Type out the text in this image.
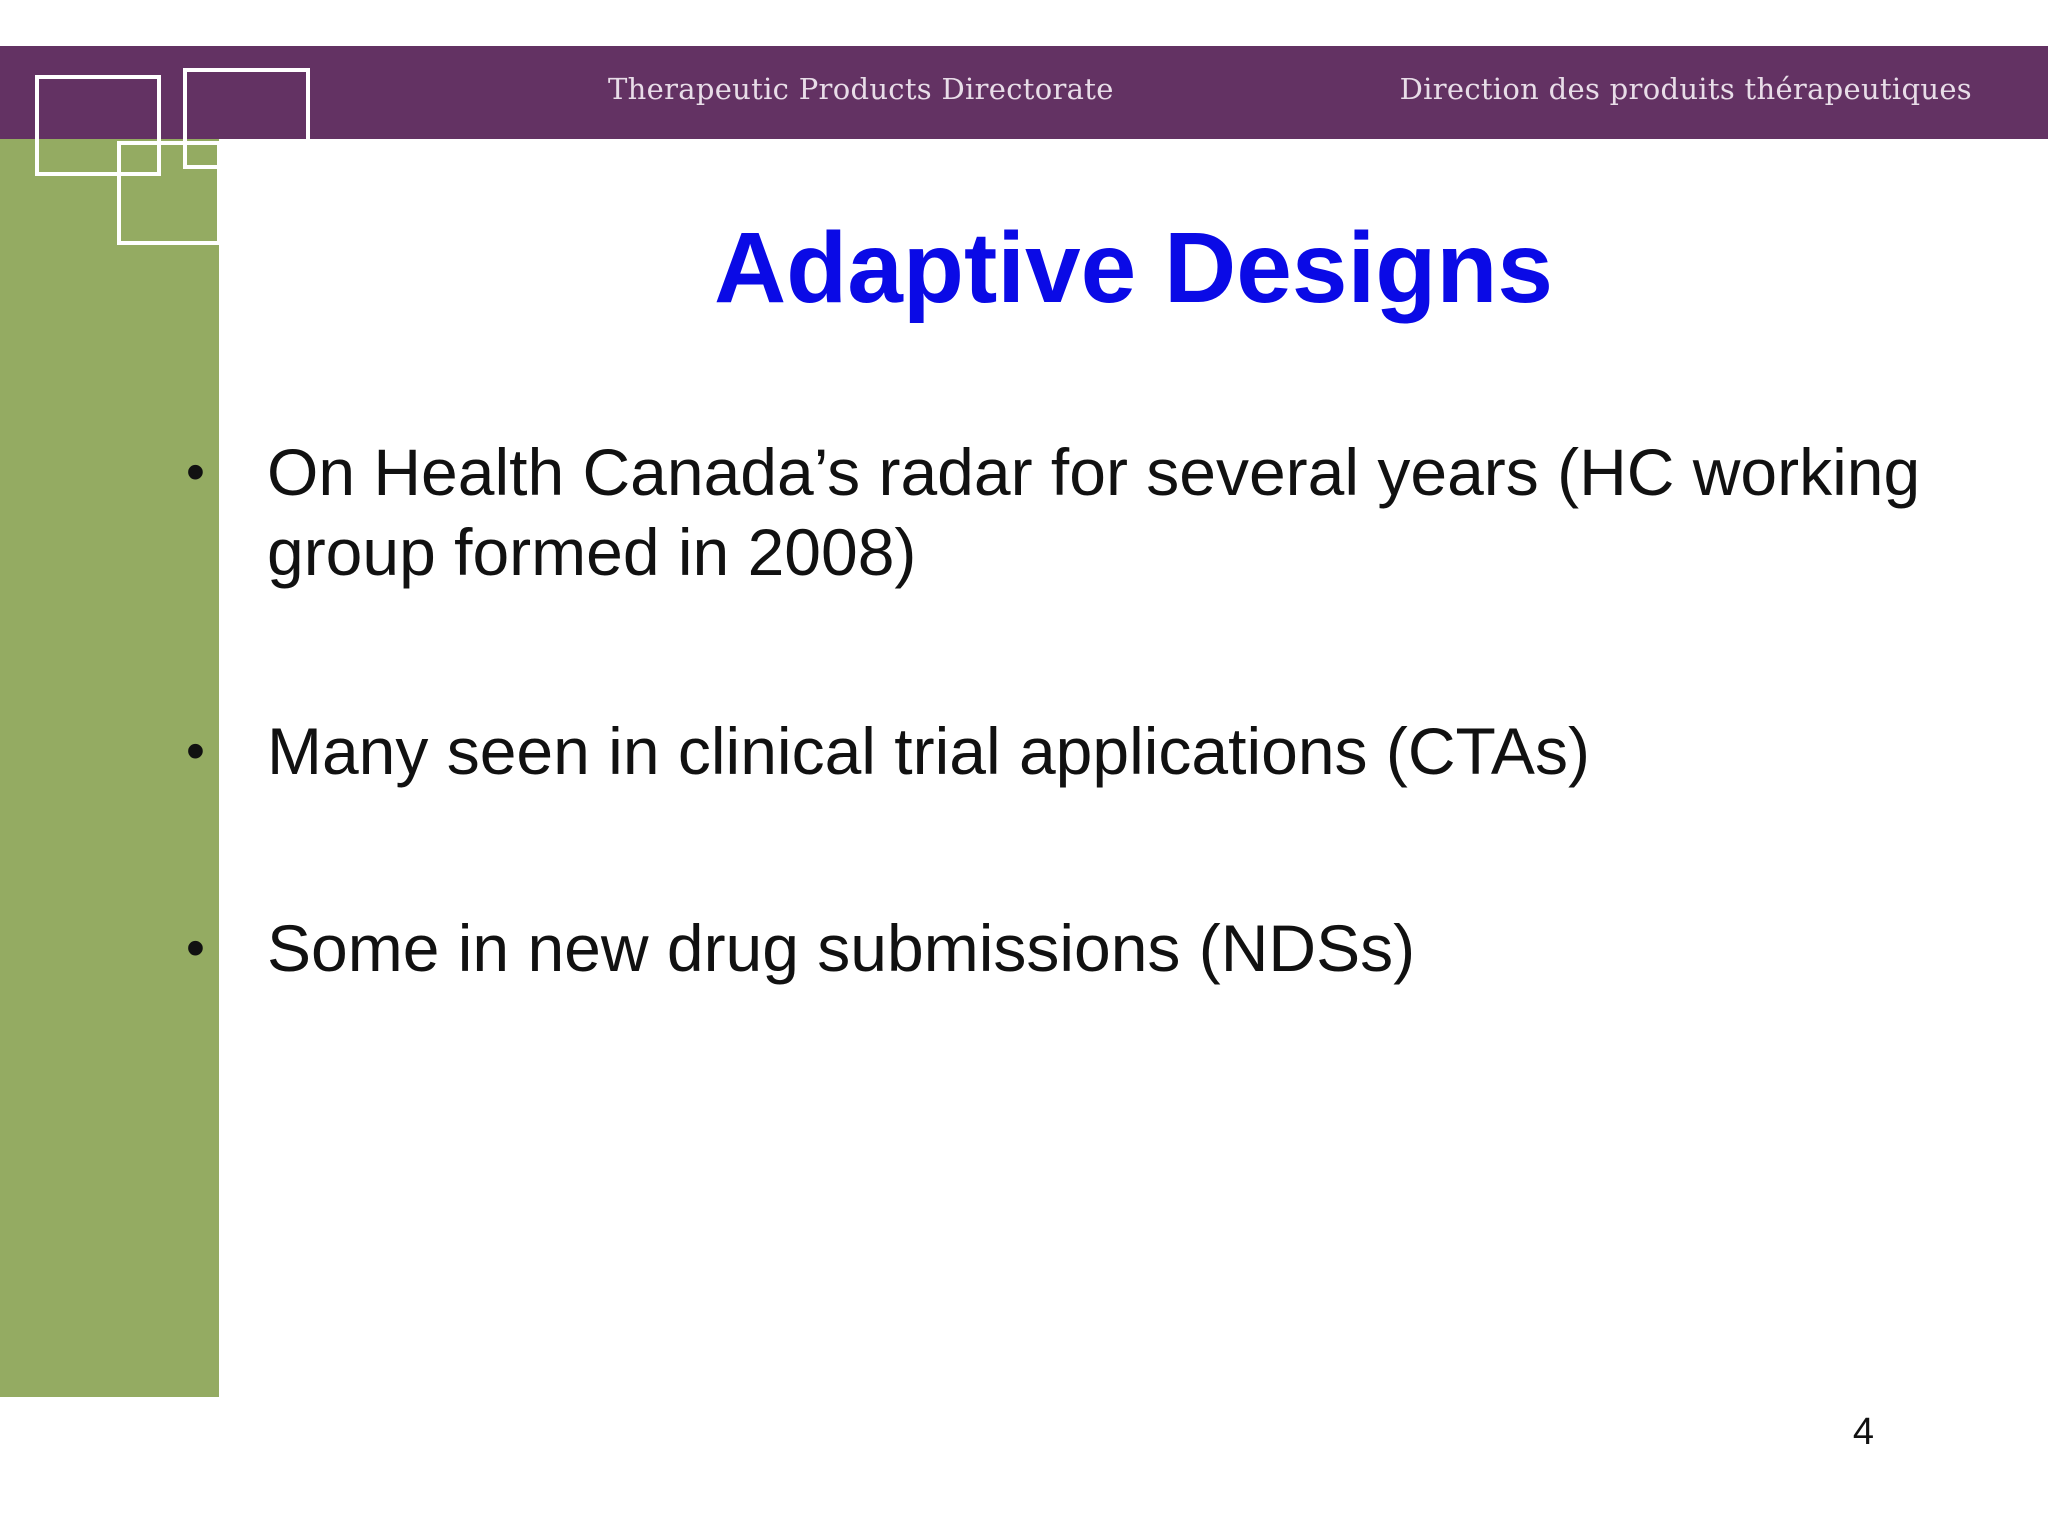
Therapeutic Products Directorate	Direction des produits thérapeutiques
Adaptive Designs
• On Health Canada’s radar for several years (HC working group formed in 2008)
• Many seen in clinical trial applications (CTAs)
• Some in new drug submissions (NDSs)
4
